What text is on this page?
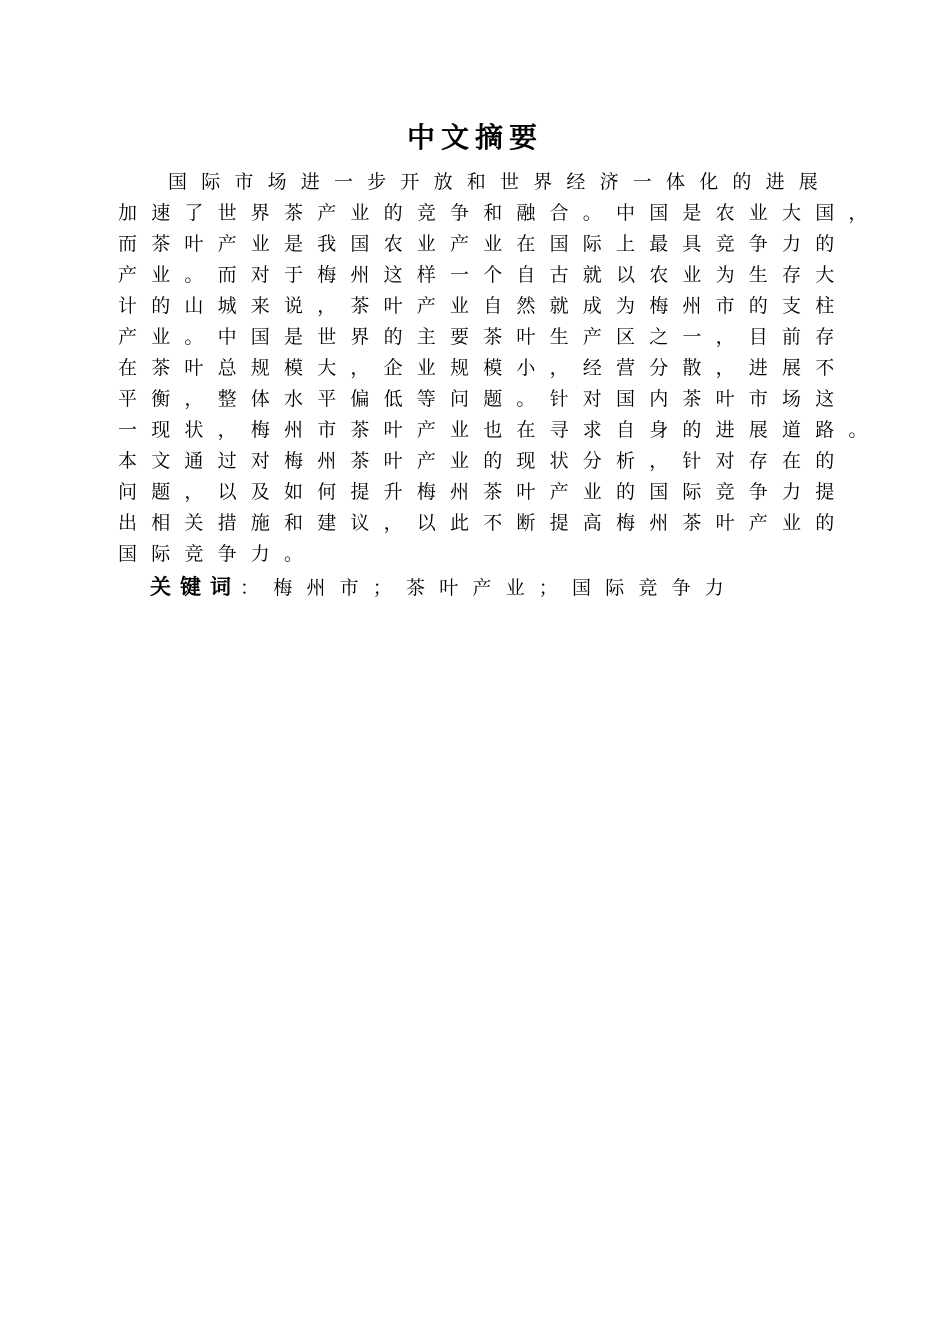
中文摘要
国际市场进一步开放和世界经济一体化的进展
加速了世界茶产业的竞争和融合。中国是农业大国，
而茶叶产业是我国农业产业在国际上最具竞争力的
产业。而对于梅州这样一个自古就以农业为生存大
计的山城来说，茶叶产业自然就成为梅州市的支柱
产业。中国是世界的主要茶叶生产区之一，目前存
在茶叶总规模大，企业规模小，经营分散，进展不
平衡，整体水平偏低等问题。针对国内茶叶市场这
一现状，梅州市茶叶产业也在寻求自身的进展道路。
本文通过对梅州茶叶产业的现状分析，针对存在的
问题，以及如何提升梅州茶叶产业的国际竞争力提
出相关措施和建议，以此不断提高梅州茶叶产业的
国际竞争力。
关键词：梅州市；茶叶产业；国际竞争力
